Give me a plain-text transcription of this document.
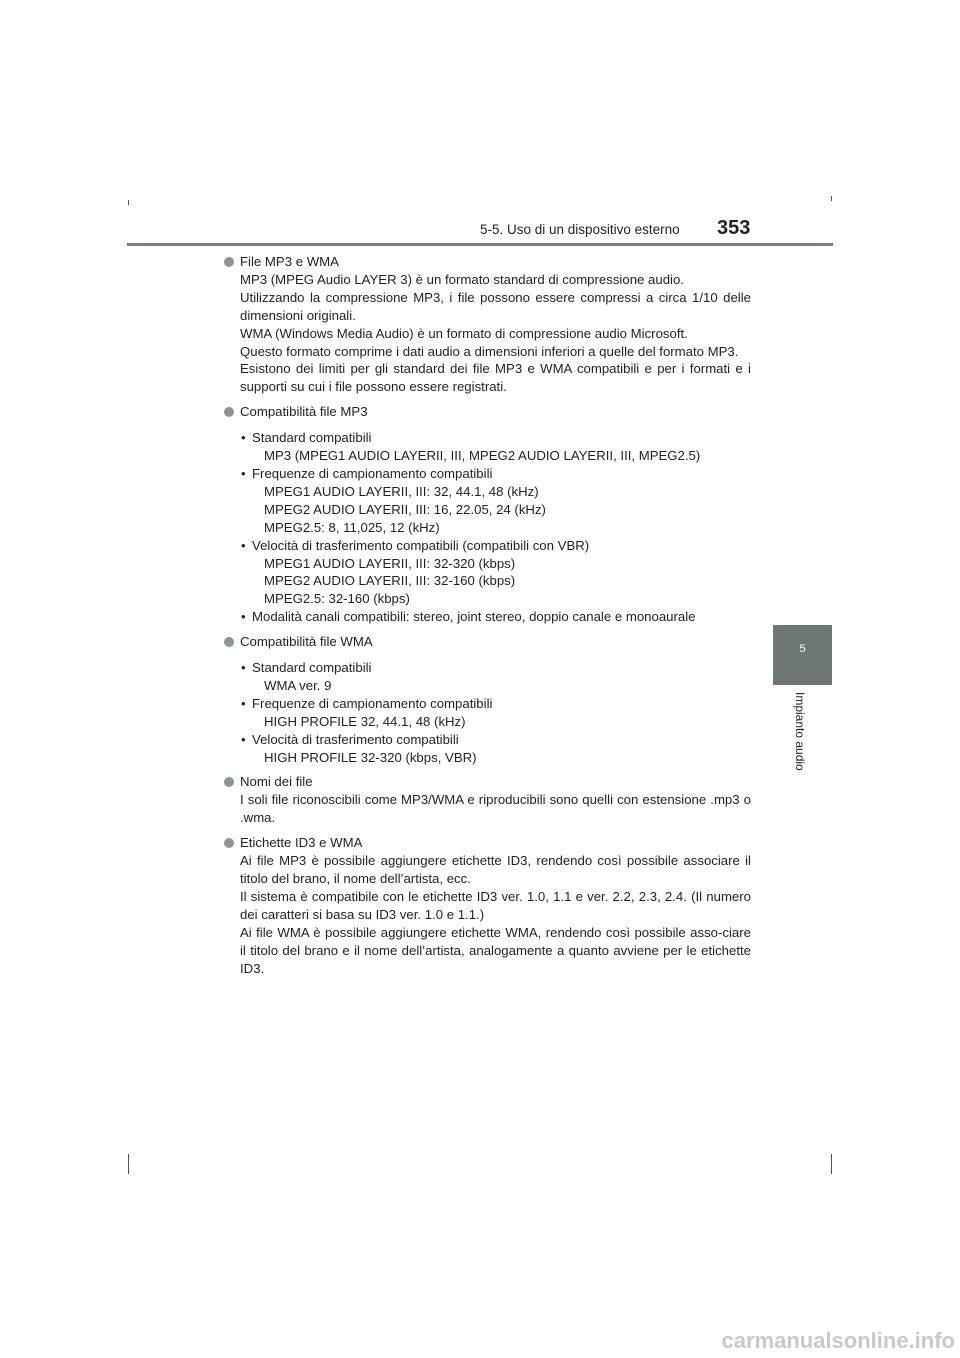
5-5. Uso di un dispositivo esterno 353
5
Impianto audio
File MP3 e WMA
MP3 (MPEG Audio LAYER 3) è un formato standard di compressione audio.
Utilizzando la compressione MP3, i file possono essere compressi a circa 1/10 delle dimensioni originali.
WMA (Windows Media Audio) è un formato di compressione audio Microsoft.
Questo formato comprime i dati audio a dimensioni inferiori a quelle del formato MP3.
Esistono dei limiti per gli standard dei file MP3 e WMA compatibili e per i formati e i supporti su cui i file possono essere registrati.
Compatibilità file MP3
• Standard compatibili
MP3 (MPEG1 AUDIO LAYERII, III, MPEG2 AUDIO LAYERII, III, MPEG2.5)
• Frequenze di campionamento compatibili
MPEG1 AUDIO LAYERII, III: 32, 44.1, 48 (kHz)
MPEG2 AUDIO LAYERII, III: 16, 22.05, 24 (kHz)
MPEG2.5: 8, 11,025, 12 (kHz)
• Velocità di trasferimento compatibili (compatibili con VBR)
MPEG1 AUDIO LAYERII, III: 32-320 (kbps)
MPEG2 AUDIO LAYERII, III: 32-160 (kbps)
MPEG2.5: 32-160 (kbps)
• Modalità canali compatibili: stereo, joint stereo, doppio canale e monoaurale
Compatibilità file WMA
• Standard compatibili
WMA ver. 9
• Frequenze di campionamento compatibili
HIGH PROFILE 32, 44.1, 48 (kHz)
• Velocità di trasferimento compatibili
HIGH PROFILE 32-320 (kbps, VBR)
Nomi dei file
I soli file riconoscibili come MP3/WMA e riproducibili sono quelli con estensione .mp3 o .wma.
Etichette ID3 e WMA
Ai file MP3 è possibile aggiungere etichette ID3, rendendo così possibile associare il titolo del brano, il nome dell’artista, ecc.
Il sistema è compatibile con le etichette ID3 ver. 1.0, 1.1 e ver. 2.2, 2.3, 2.4. (Il numero dei caratteri si basa su ID3 ver. 1.0 e 1.1.)
Ai file WMA è possibile aggiungere etichette WMA, rendendo così possibile asso-ciare il titolo del brano e il nome dell’artista, analogamente a quanto avviene per le etichette ID3.
carmanualsonline.info
